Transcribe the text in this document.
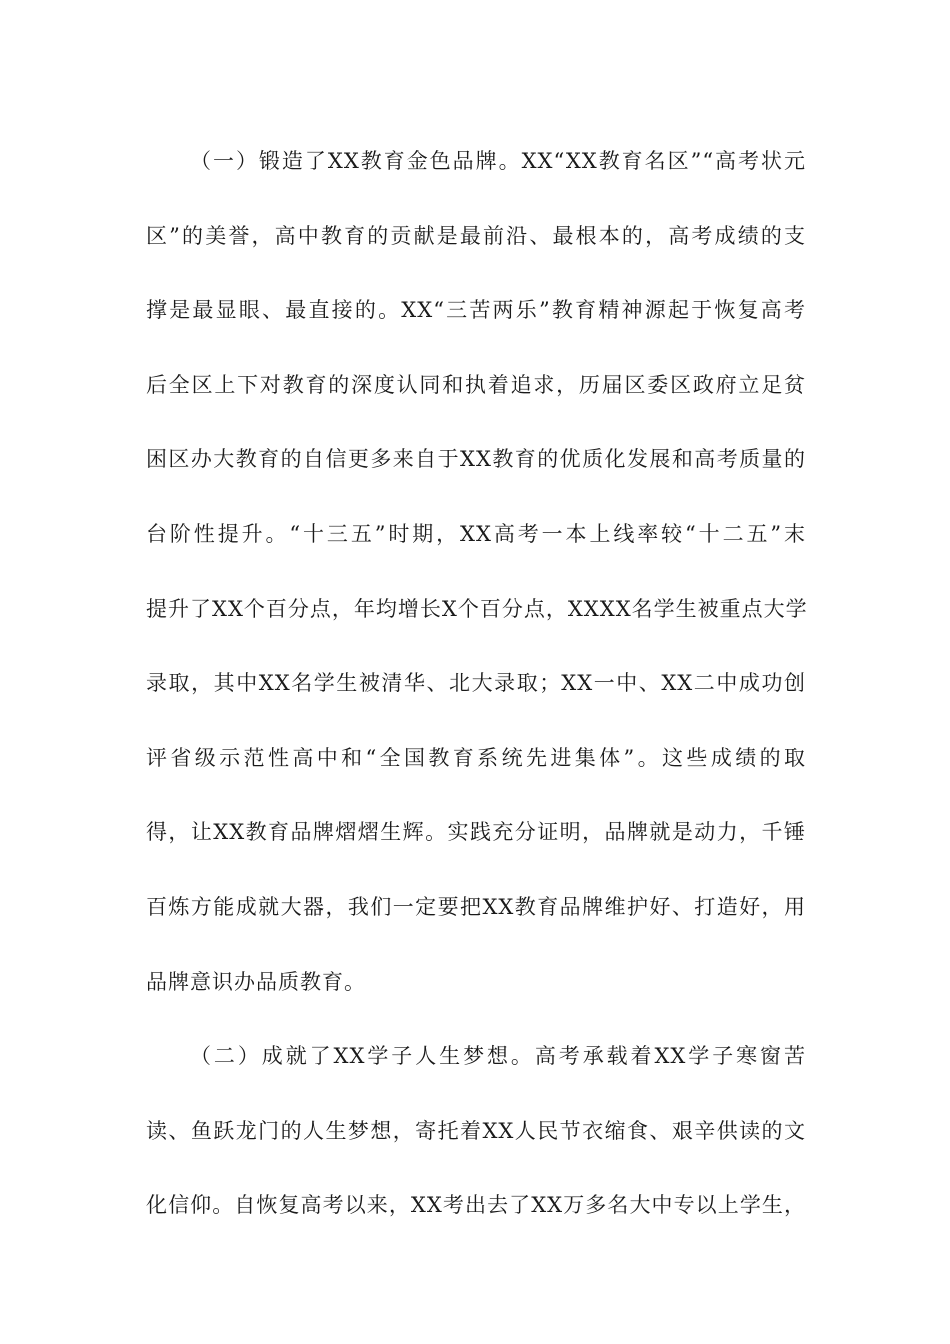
（一）锻造了XX教育金色品牌。XX“XX教育名区”“高考状元
区”的美誉，高中教育的贡献是最前沿、最根本的，高考成绩的支
撑是最显眼、最直接的。XX“三苦两乐”教育精神源起于恢复高考
后全区上下对教育的深度认同和执着追求，历届区委区政府立足贫
困区办大教育的自信更多来自于XX教育的优质化发展和高考质量的
台阶性提升。“十三五”时期，XX高考一本上线率较“十二五”末
提升了XX个百分点，年均增长X个百分点，XXXX名学生被重点大学
录取，其中XX名学生被清华、北大录取；XX一中、XX二中成功创
评省级示范性高中和“全国教育系统先进集体”。这些成绩的取
得，让XX教育品牌熠熠生辉。实践充分证明，品牌就是动力，千锤
百炼方能成就大器，我们一定要把XX教育品牌维护好、打造好，用
品牌意识办品质教育。
（二）成就了XX学子人生梦想。高考承载着XX学子寒窗苦
读、鱼跃龙门的人生梦想，寄托着XX人民节衣缩食、艰辛供读的文
化信仰。自恢复高考以来，XX考出去了XX万多名大中专以上学生，
